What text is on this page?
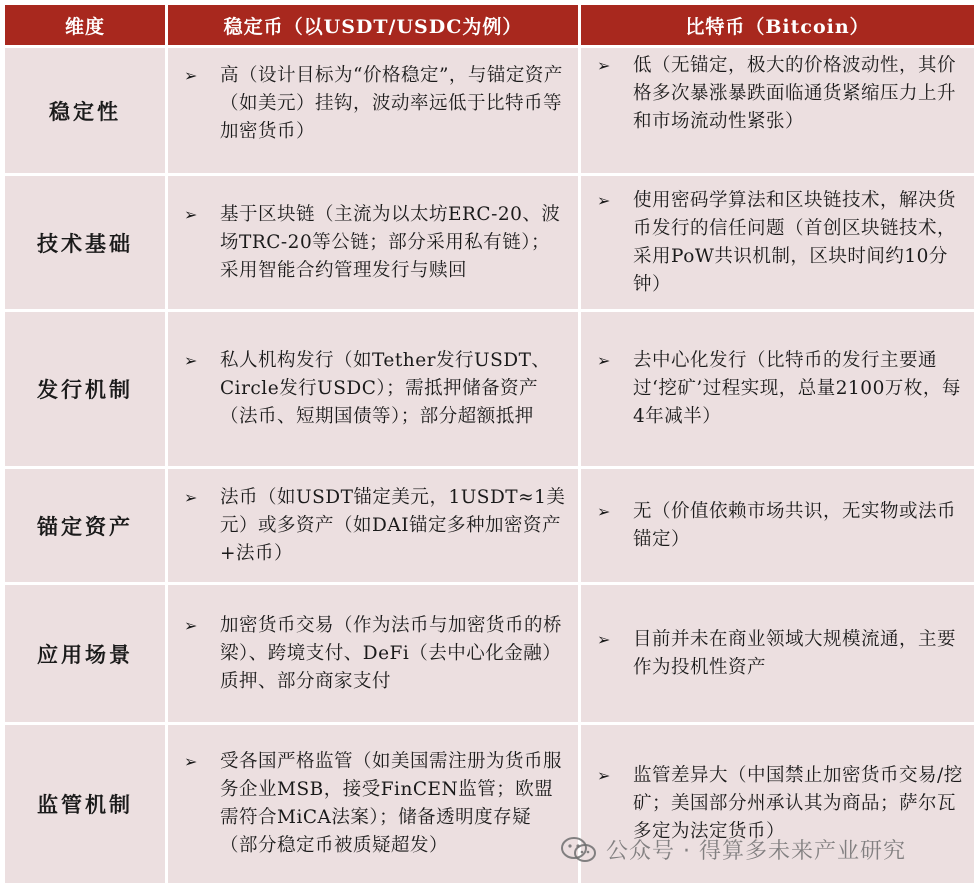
维度	稳定币（以USDT/USDC为例）	比特币（Bitcoin）
稳定性
➢	高（设计目标为“价格稳定”，与锚定资产（如美元）挂钩，波动率远低于比特币等加密货币）
➢	低（无锚定，极大的价格波动性，其价格多次暴涨暴跌面临通货紧缩压力上升和市场流动性紧张）
技术基础
➢	基于区块链（主流为以太坊ERC-20、波场TRC-20等公链；部分采用私有链）；采用智能合约管理发行与赎回
➢	使用密码学算法和区块链技术，解决货币发行的信任问题（首创区块链技术，采用PoW共识机制，区块时间约10分钟）
发行机制
➢	私人机构发行（如Tether发行USDT、Circle发行USDC）；需抵押储备资产（法币、短期国债等）；部分超额抵押
➢	去中心化发行（比特币的发行主要通过‘挖矿’过程实现，总量2100万枚，每4年减半）
锚定资产
➢	法币（如USDT锚定美元，1USDT≈1美元）或多资产（如DAI锚定多种加密资产+法币）
➢	无（价值依赖市场共识，无实物或法币锚定）
应用场景
➢	加密货币交易（作为法币与加密货币的桥梁）、跨境支付、DeFi（去中心化金融）质押、部分商家支付
➢	目前并未在商业领域大规模流通，主要作为投机性资产
监管机制
➢	受各国严格监管（如美国需注册为货币服务企业MSB，接受FinCEN监管；欧盟需符合MiCA法案）；储备透明度存疑（部分稳定币被质疑超发）
➢	监管差异大（中国禁止加密货币交易/挖矿；美国部分州承认其为商品；萨尔瓦多定为法定货币）
公众号 · 得算多未来产业研究
